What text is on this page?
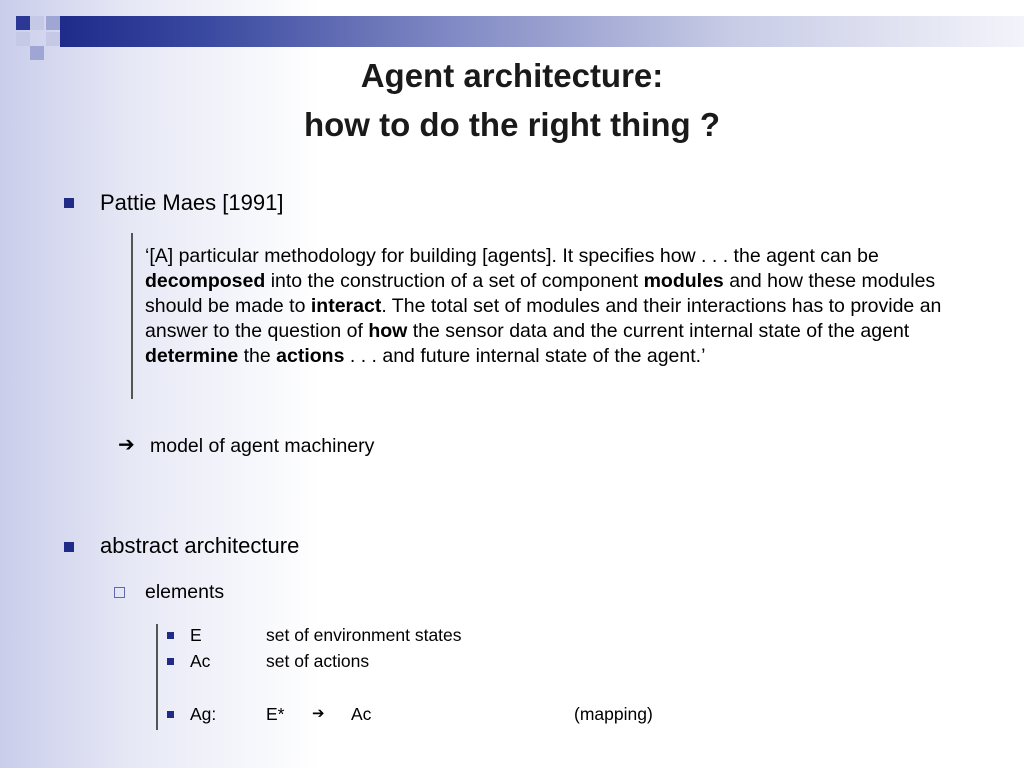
Agent architecture:
how to do the right thing ?
Pattie Maes [1991]
‘[A] particular methodology for building [agents]. It specifies how . . . the agent can be decomposed into the construction of a set of component modules and how these modules should be made to interact. The total set of modules and their interactions has to provide an answer to the question of how the sensor data and the current internal state of the agent determine the actions . . . and future internal state of the agent.’
➔ model of agent machinery
abstract architecture
elements
E	set of environment states
Ac	set of actions
Ag:	E* ➔ Ac	(mapping)
